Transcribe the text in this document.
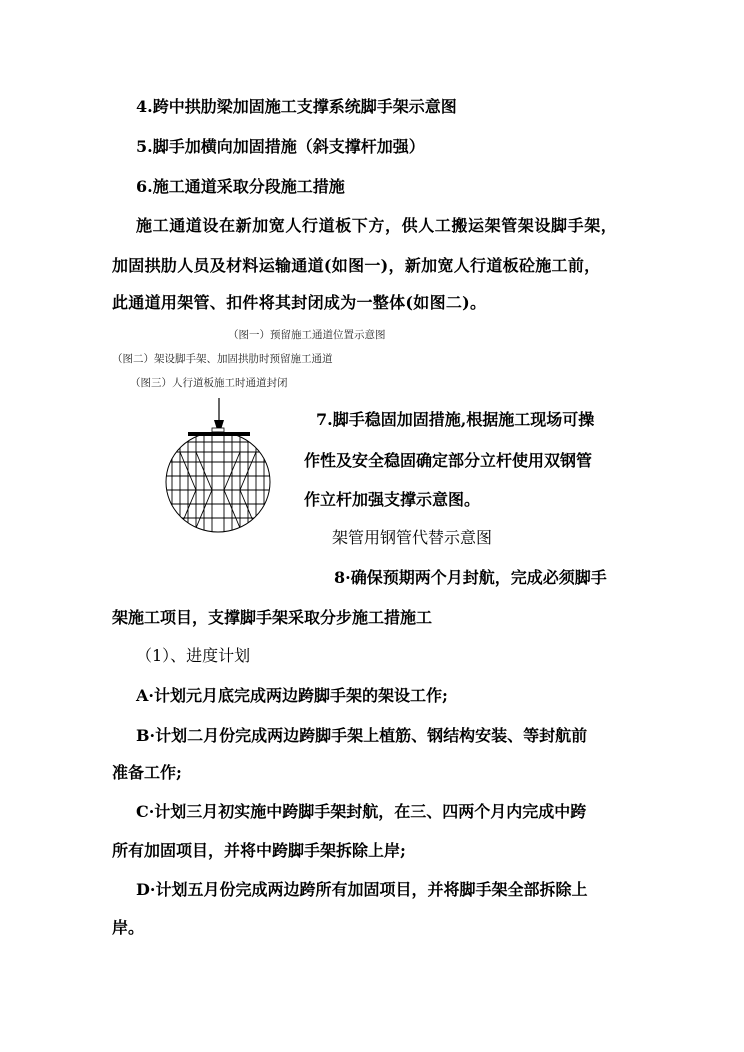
4.跨中拱肋梁加固施工支撑系统脚手架示意图
5.脚手加横向加固措施（斜支撑杆加强）
6.施工通道采取分段施工措施
施工通道设在新加宽人行道板下方，供人工搬运架管架设脚手架，
加固拱肋人员及材料运输通道(如图一)，新加宽人行道板砼施工前，
此通道用架管、扣件将其封闭成为一整体(如图二)。
（图一）预留施工通道位置示意图
（图二）架设脚手架、加固拱肋时预留施工通道
（图三）人行道板施工时通道封闭
7.脚手稳固加固措施,根据施工现场可操
作性及安全稳固确定部分立杆使用双钢管
作立杆加强支撑示意图。
架管用钢管代替示意图
8·确保预期两个月封航，完成必须脚手
架施工项目，支撑脚手架采取分步施工措施工
（1）、进度计划
A·计划元月底完成两边跨脚手架的架设工作;
B·计划二月份完成两边跨脚手架上植筋、钢结构安装、等封航前
准备工作;
C·计划三月初实施中跨脚手架封航，在三、四两个月内完成中跨
所有加固项目，并将中跨脚手架拆除上岸;
D·计划五月份完成两边跨所有加固项目，并将脚手架全部拆除上
岸。
